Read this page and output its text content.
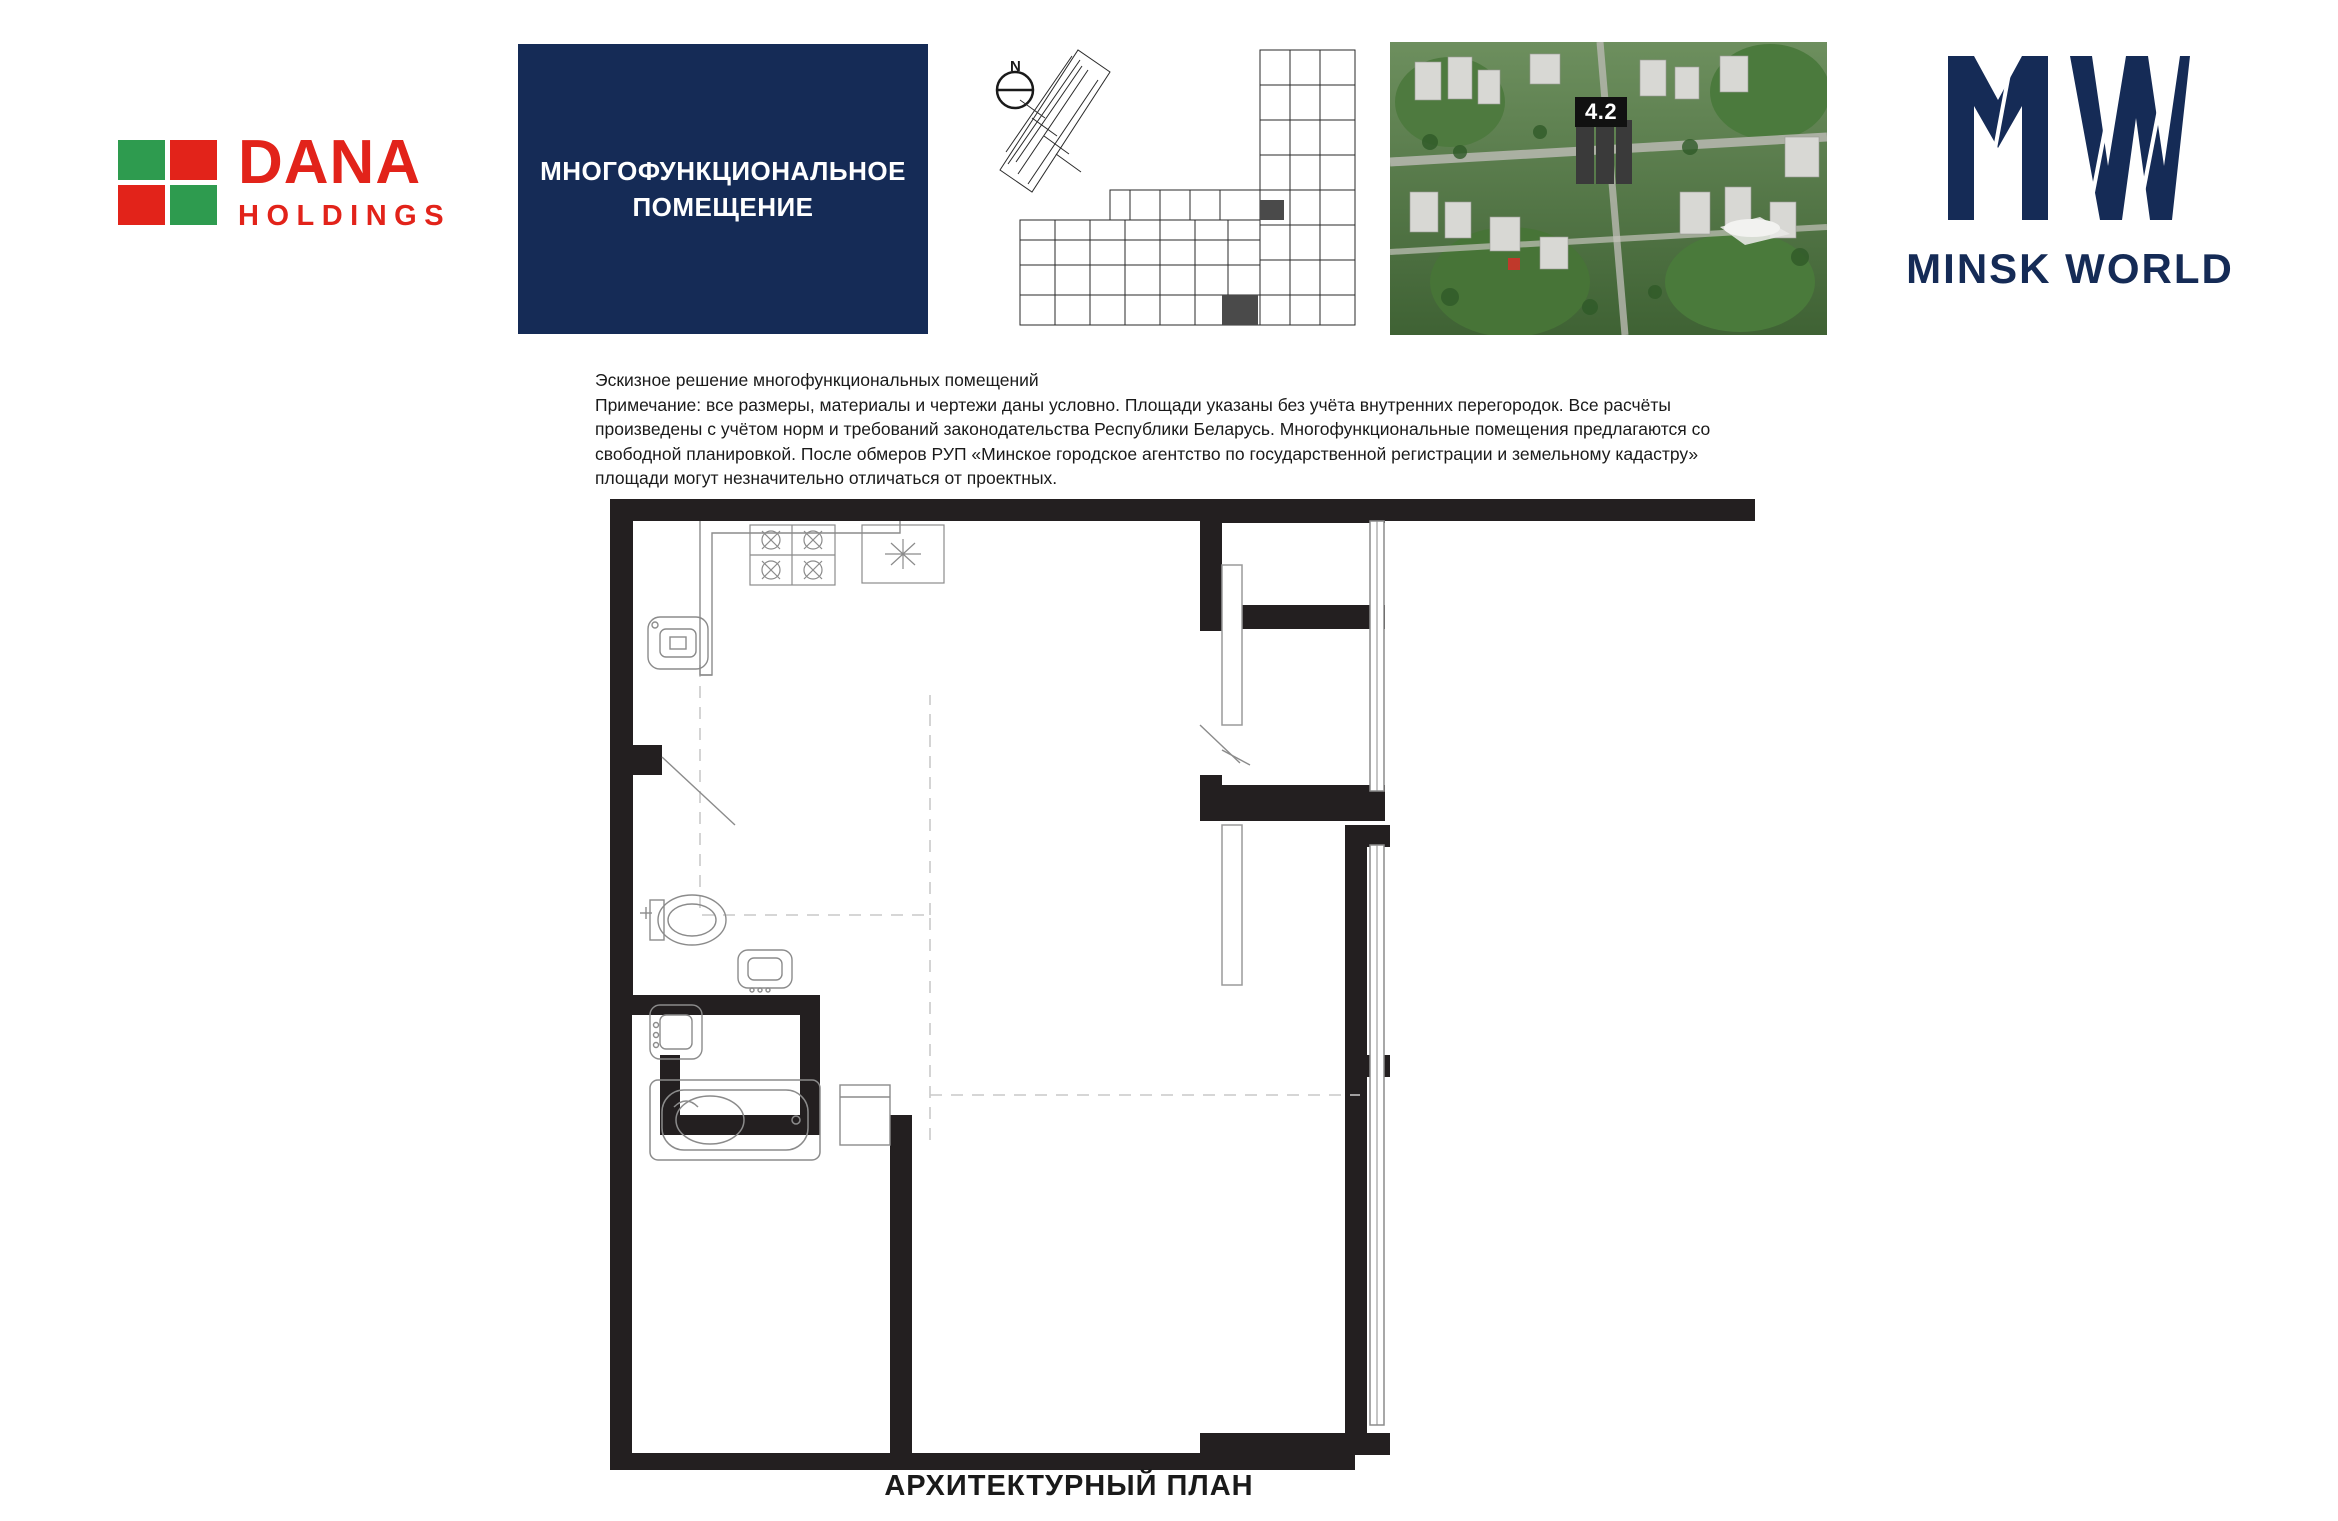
DANA
HOLDINGS
МНОГОФУНКЦИОНАЛЬНОЕ
ПОМЕЩЕНИЕ
N
4.2
MINSK WORLD

Эскизное решение многофункциональных помещений

Примечание: все размеры, материалы и чертежи даны условно. Площади указаны без учёта внутренних перегородок. Все расчёты произведены с учётом норм и требований законодательства Республики Беларусь. Многофункциональные помещения предлагаются со свободной планировкой. После обмеров РУП «Минское городское агентство по государственной регистрации и земельному кадастру» площади могут незначительно отличаться от проектных.

АРХИТЕКТУРНЫЙ ПЛАН
